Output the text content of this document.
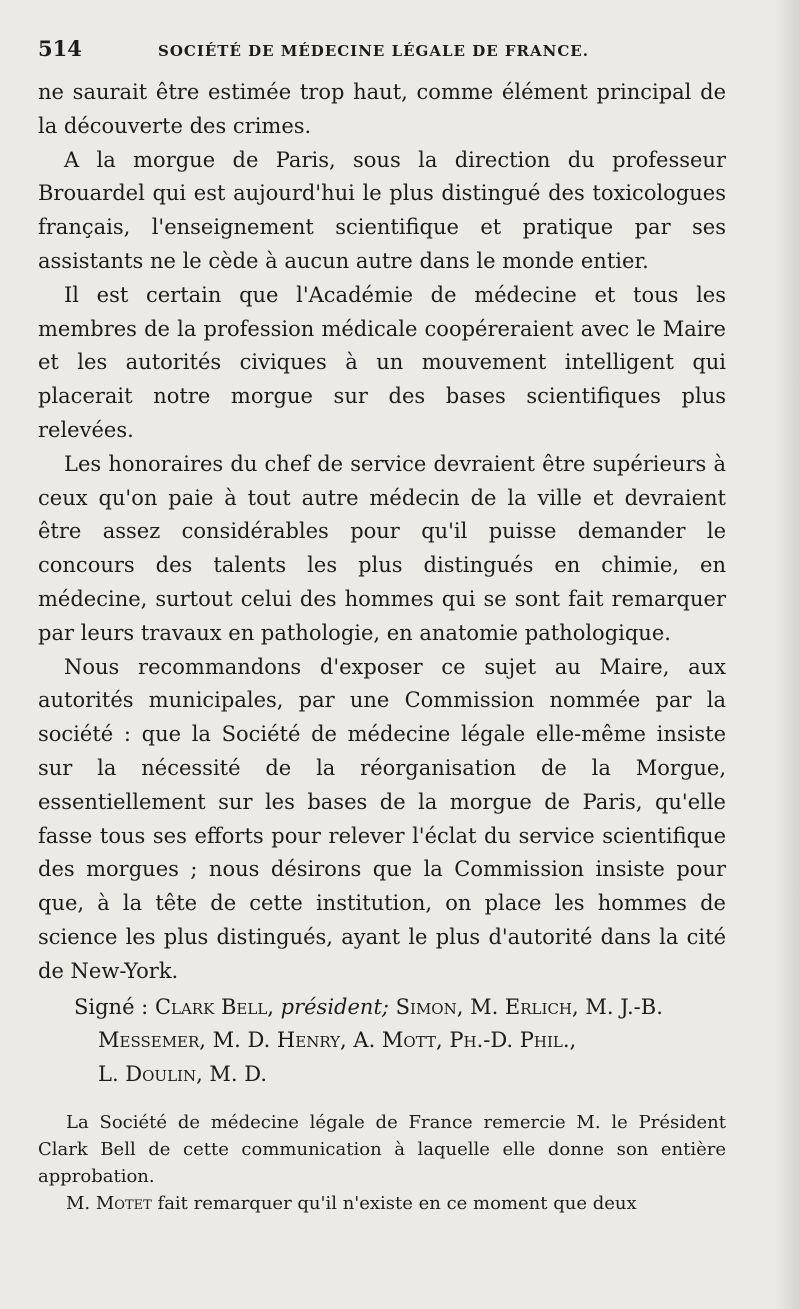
514	SOCIÉTÉ DE MÉDECINE LÉGALE DE FRANCE.

ne saurait être estimée trop haut, comme élément principal de la découverte des crimes.

A la morgue de Paris, sous la direction du professeur Brouardel qui est aujourd'hui le plus distingué des toxicologues français, l'enseignement scientifique et pratique par ses assistants ne le cède à aucun autre dans le monde entier.

Il est certain que l'Académie de médecine et tous les membres de la profession médicale coopéreraient avec le Maire et les autorités civiques à un mouvement intelligent qui placerait notre morgue sur des bases scientifiques plus relevées.

Les honoraires du chef de service devraient être supérieurs à ceux qu'on paie à tout autre médecin de la ville et devraient être assez considérables pour qu'il puisse demander le concours des talents les plus distingués en chimie, en médecine, surtout celui des hommes qui se sont fait remarquer par leurs travaux en pathologie, en anatomie pathologique.

Nous recommandons d'exposer ce sujet au Maire, aux autorités municipales, par une Commission nommée par la société : que la Société de médecine légale elle-même insiste sur la nécessité de la réorganisation de la Morgue, essentiellement sur les bases de la morgue de Paris, qu'elle fasse tous ses efforts pour relever l'éclat du service scientifique des morgues ; nous désirons que la Commission insiste pour que, à la tête de cette institution, on place les hommes de science les plus distingués, ayant le plus d'autorité dans la cité de New-York.

Signé : Clark Bell, président; Simon, M. Erlich, M. J.-B.
Messemer, M. D. Henry, A. Mott, Ph.-D. Phil.,
L. Doulin, M. D.

La Société de médecine légale de France remercie M. le Président Clark Bell de cette communication à laquelle elle donne son entière approbation.

M. Motet fait remarquer qu'il n'existe en ce moment que deux
